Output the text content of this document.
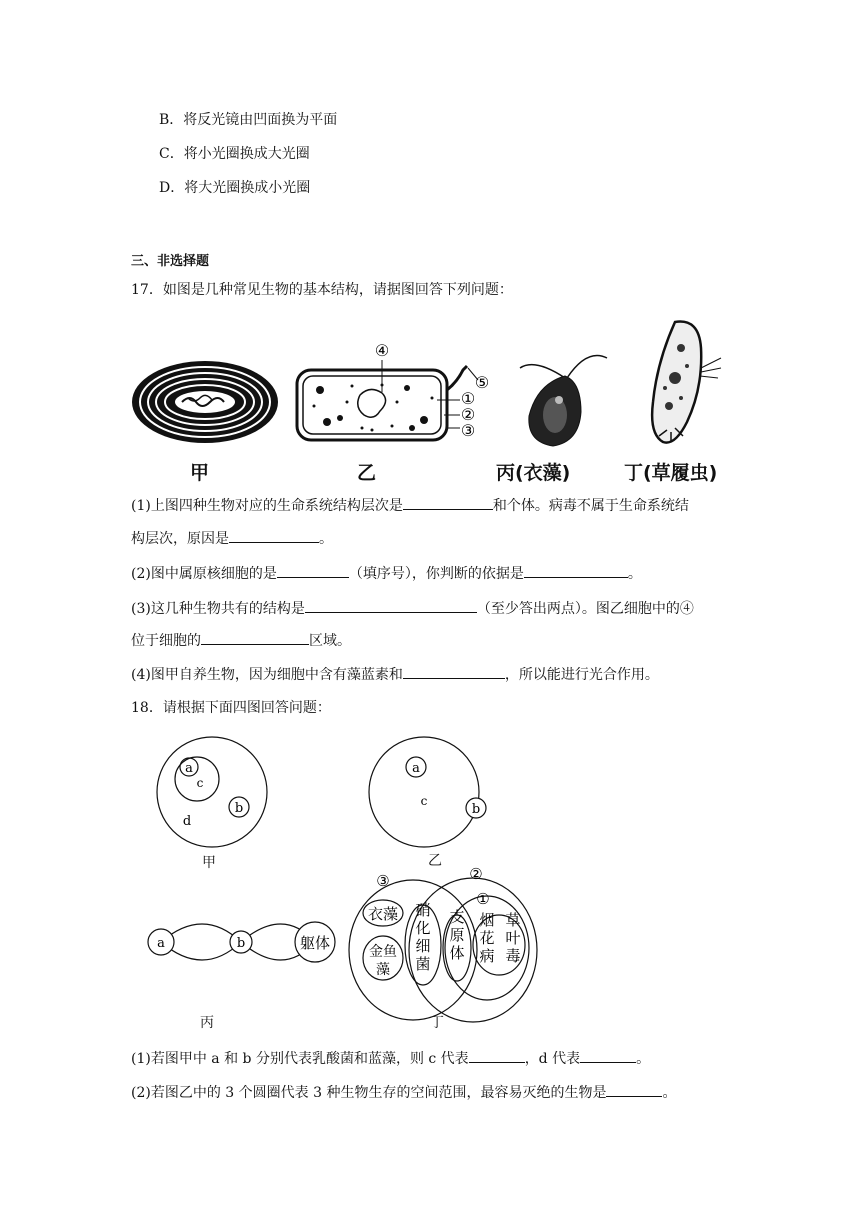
B．将反光镜由凹面换为平面
C．将小光圈换成大光圈
D．将大光圈换成小光圈
三、非选择题
17．如图是几种常见生物的基本结构，请据图回答下列问题：
甲
④
⑤
①
②
③
乙	丙(衣藻)	丁(草履虫)
(1)上图四种生物对应的生命系统结构层次是	和个体。病毒不属于生命系统结
构层次，原因是	。
(2)图中属原核细胞的是	（填序号），你判断的依据是	。
(3)这几种生物共有的结构是	（至少答出两点）。图乙细胞中的④
位于细胞的	区域。
(4)图甲自养生物，因为细胞中含有藻蓝素和	，所以能进行光合作用。
18．请根据下面四图回答问题：
a
c
b
d
甲
a
c
b
乙
a	b	躯体
丙
③	②
①
衣藻
金鱼藻
硝化细菌
支原体
烟花病
草叶毒
丁
(1)若图甲中 a 和 b 分别代表乳酸菌和蓝藻，则 c 代表	，d 代表	。
(2)若图乙中的 3 个圆圈代表 3 种生物生存的空间范围，最容易灭绝的生物是	。
